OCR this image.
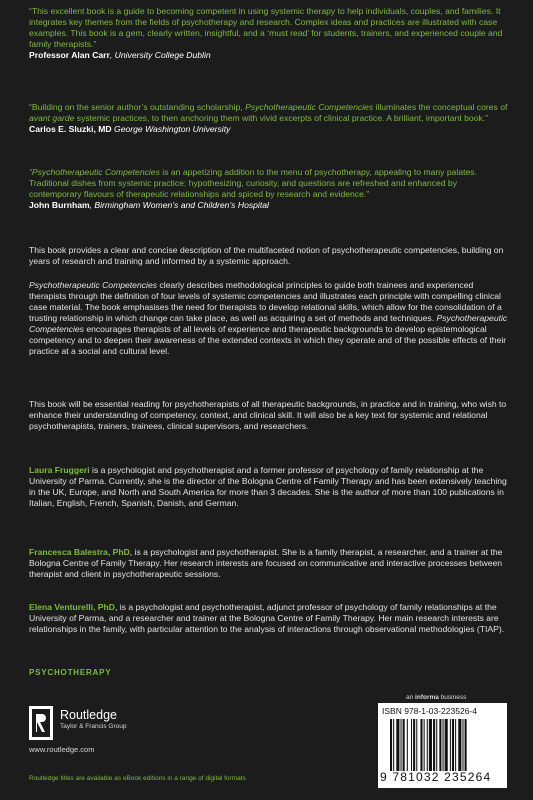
“This excellent book is a guide to becoming competent in using systemic therapy to help individuals, couples, and families. It integrates key themes from the fields of psychotherapy and research. Complex ideas and practices are illustrated with case examples. This book is a gem, clearly written, insightful, and a ‘must read’ for students, trainers, and experienced couple and family therapists.”
Professor Alan Carr, University College Dublin
“Building on the senior author’s outstanding scholarship, Psychotherapeutic Competencies illuminates the conceptual cores of avant garde systemic practices, to then anchoring them with vivid excerpts of clinical practice. A brilliant, important book.”
Carlos E. Sluzki, MD George Washington University
“Psychotherapeutic Competencies is an appetizing addition to the menu of psychotherapy, appealing to many palates. Traditional dishes from systemic practice: hypothesizing, curiosity, and questions are refreshed and enhanced by contemporary flavours of therapeutic relationships and spiced by research and evidence.”
John Burnham, Birmingham Women’s and Children’s Hospital
This book provides a clear and concise description of the multifaceted notion of psychotherapeutic competencies, building on years of research and training and informed by a systemic approach.
Psychotherapeutic Competencies clearly describes methodological principles to guide both trainees and experienced therapists through the definition of four levels of systemic competencies and illustrates each principle with compelling clinical case material. The book emphasises the need for therapists to develop relational skills, which allow for the consolidation of a trusting relationship in which change can take place, as well as acquiring a set of methods and techniques. Psychotherapeutic Competencies encourages therapists of all levels of experience and therapeutic backgrounds to develop epistemological competency and to deepen their awareness of the extended contexts in which they operate and of the possible effects of their practice at a social and cultural level.
This book will be essential reading for psychotherapists of all therapeutic backgrounds, in practice and in training, who wish to enhance their understanding of competency, context, and clinical skill. It will also be a key text for systemic and relational psychotherapists, trainers, trainees, clinical supervisors, and researchers.
Laura Fruggeri is a psychologist and psychotherapist and a former professor of psychology of family relationship at the University of Parma. Currently, she is the director of the Bologna Centre of Family Therapy and has been extensively teaching in the UK, Europe, and North and South America for more than 3 decades. She is the author of more than 100 publications in Italian, English, French, Spanish, Danish, and German.
Francesca Balestra, PhD, is a psychologist and psychotherapist. She is a family therapist, a researcher, and a trainer at the Bologna Centre of Family Therapy. Her research interests are focused on communicative and interactive processes between therapist and client in psychotherapeutic sessions.
Elena Venturelli, PhD, is a psychologist and psychotherapist, adjunct professor of psychology of family relationships at the University of Parma, and a researcher and trainer at the Bologna Centre of Family Therapy. Her main research interests are relationships in the family, with particular attention to the analysis of interactions through observational methodologies (TIAP).
PSYCHOTHERAPY
Routledge
Taylor & Francis Group
www.routledge.com
Routledge titles are available as eBook editions in a range of digital formats
an informa business
ISBN 978-1-03-223526-4
9 781032 235264
